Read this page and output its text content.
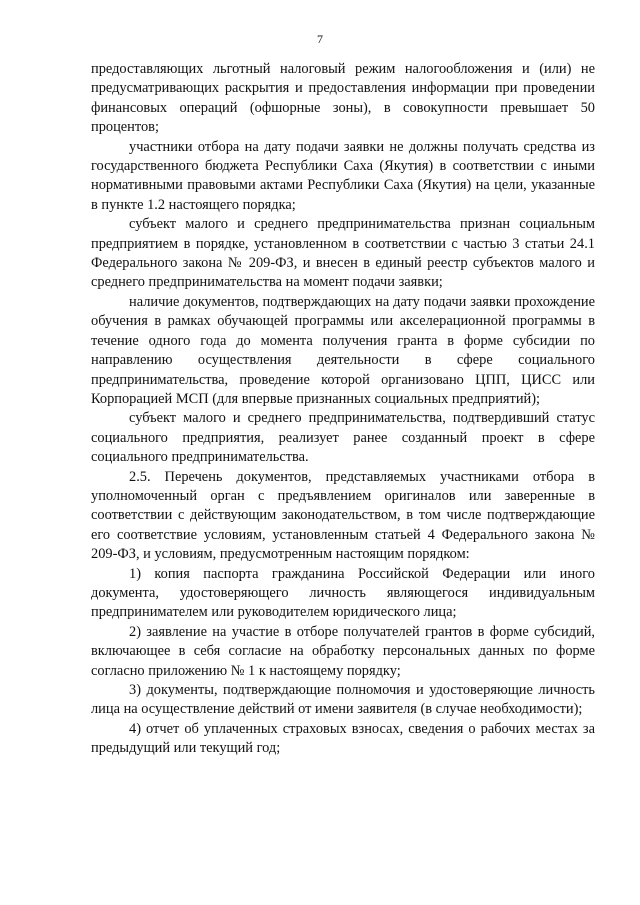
7

предоставляющих льготный налоговый режим налогообложения и (или) не предусматривающих раскрытия и предоставления информации при проведении финансовых операций (офшорные зоны), в совокупности превышает 50 процентов;

участники отбора на дату подачи заявки не должны получать средства из государственного бюджета Республики Саха (Якутия) в соответствии с иными нормативными правовыми актами Республики Саха (Якутия) на цели, указанные в пункте 1.2 настоящего порядка;

субъект малого и среднего предпринимательства признан социальным предприятием в порядке, установленном в соответствии с частью 3 статьи 24.1 Федерального закона № 209-ФЗ, и внесен в единый реестр субъектов малого и среднего предпринимательства на момент подачи заявки;

наличие документов, подтверждающих на дату подачи заявки прохождение обучения в рамках обучающей программы или акселерационной программы в течение одного года до момента получения гранта в форме субсидии по направлению осуществления деятельности в сфере социального предпринимательства, проведение которой организовано ЦПП, ЦИСС или Корпорацией МСП (для впервые признанных социальных предприятий);

субъект малого и среднего предпринимательства, подтвердивший статус социального предприятия, реализует ранее созданный проект в сфере социального предпринимательства.

2.5. Перечень документов, представляемых участниками отбора в уполномоченный орган с предъявлением оригиналов или заверенные в соответствии с действующим законодательством, в том числе подтверждающие его соответствие условиям, установленным статьей 4 Федерального закона № 209-ФЗ, и условиям, предусмотренным настоящим порядком:

1) копия паспорта гражданина Российской Федерации или иного документа, удостоверяющего личность являющегося индивидуальным предпринимателем или руководителем юридического лица;

2) заявление на участие в отборе получателей грантов в форме субсидий, включающее в себя согласие на обработку персональных данных по форме согласно приложению № 1 к настоящему порядку;

3) документы, подтверждающие полномочия и удостоверяющие личность лица на осуществление действий от имени заявителя (в случае необходимости);

4) отчет об уплаченных страховых взносах, сведения о рабочих местах за предыдущий или текущий год;
